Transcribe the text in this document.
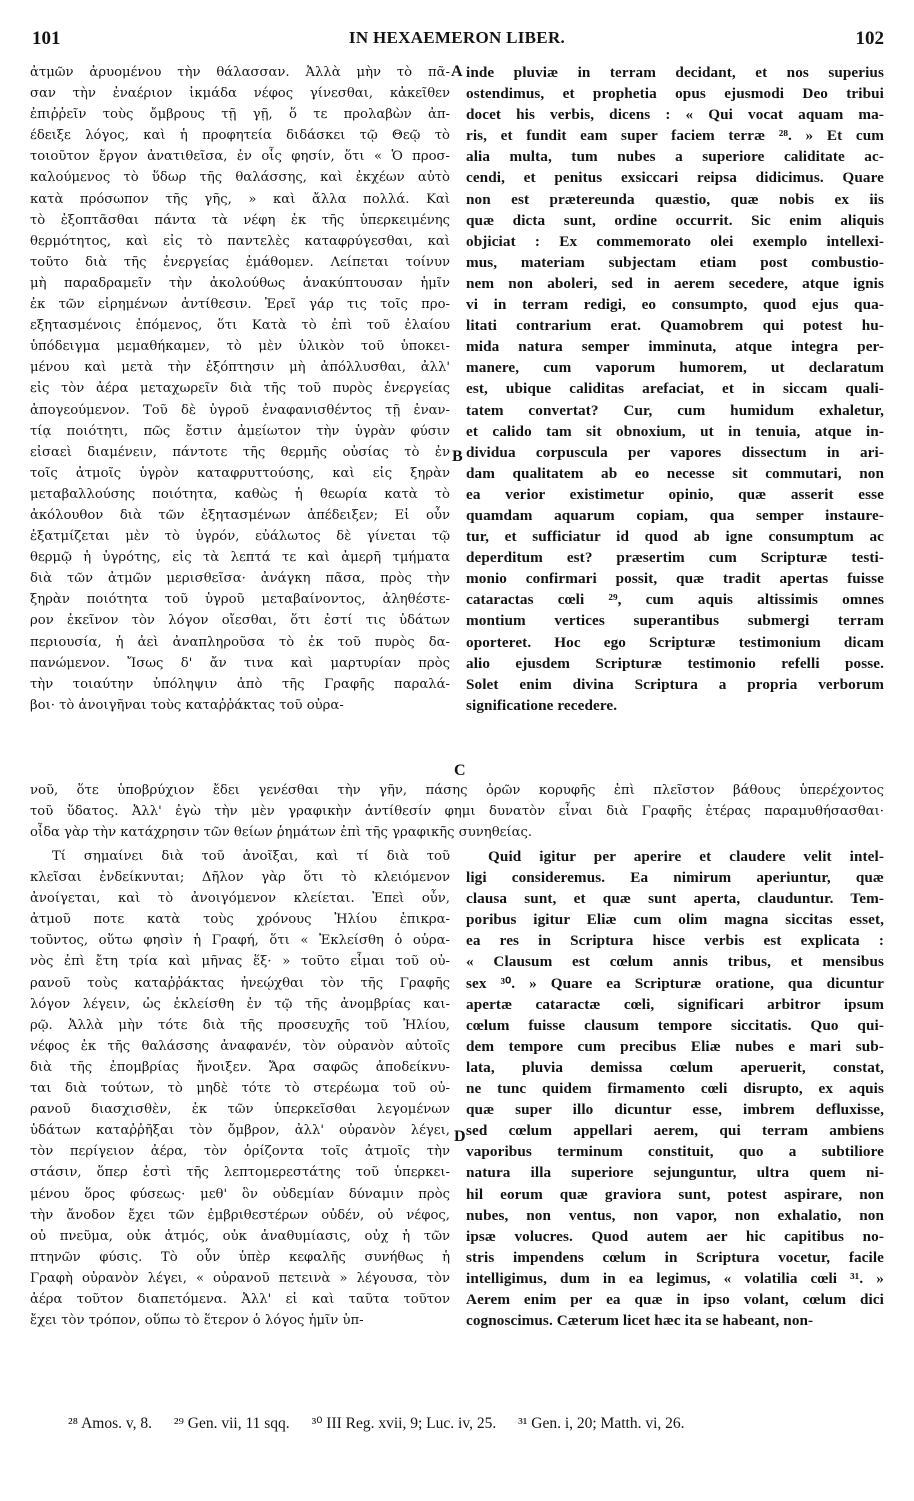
101	IN HEXAEMERON LIBER.	102
ἀτμῶν ἀρυομένου τὴν θάλασσαν. Ἀλλὰ μὴν τὸ πᾶ-
σαν τὴν ἐναέριον ἰκμάδα νέφος γίνεσθαι, κἀκεῖθεν
ἐπιῤῥεῖν τοὺς ὄμβρους τῇ γῇ, ὅ τε προλαβὼν ἀπ-
έδειξε λόγος, καὶ ἡ προφητεία διδάσκει τῷ Θεῷ τὸ
τοιοῦτον ἔργον ἀνατιθεῖσα, ἐν οἷς φησίν, ὅτι « Ὁ προσ-
καλούμενος τὸ ὕδωρ τῆς θαλάσσης, καὶ ἐκχέων αὐτὸ
κατὰ πρόσωπον τῆς γῆς, » καὶ ἄλλα πολλά. Καὶ
τὸ ἐξοπτᾶσθαι πάντα τὰ νέφη ἐκ τῆς ὑπερκειμένης
θερμότητος, καὶ εἰς τὸ παντελὲς καταφρύγεσθαι, καὶ
τοῦτο διὰ τῆς ἐνεργείας ἐμάθομεν. Λείπεται τοίνυν
μὴ παραδραμεῖν τὴν ἀκολούθως ἀνακύπτουσαν ἡμῖν
ἐκ τῶν εἰρημένων ἀντίθεσιν. Ἐρεῖ γάρ τις τοῖς προ-
εξητασμένοις ἑπόμενος, ὅτι Κατὰ τὸ ἐπὶ τοῦ ἐλαίου
ὑπόδειγμα μεμαθήκαμεν, τὸ μὲν ὑλικὸν τοῦ ὑποκει-
μένου καὶ μετὰ τὴν ἐξόπτησιν μὴ ἀπόλλυσθαι, ἀλλ'
εἰς τὸν ἀέρα μεταχωρεῖν διὰ τῆς τοῦ πυρὸς ἐνεργείας
ἀπογεούμενον. Τοῦ δὲ ὑγροῦ ἐναφανισθέντος τῇ ἐναν-
τίᾳ ποιότητι, πῶς ἔστιν ἀμείωτον τὴν ὑγρὰν φύσιν
εἰσαεὶ διαμένειν, πάντοτε τῆς θερμῆς οὐσίας τὸ ἐν
τοῖς ἀτμοῖς ὑγρὸν καταφρυττούσης, καὶ εἰς ξηρὰν
μεταβαλλούσης ποιότητα, καθὼς ἡ θεωρία κατὰ τὸ
ἀκόλουθον διὰ τῶν ἐξητασμένων ἀπέδειξεν; Εἰ οὖν
ἐξατμίζεται μὲν τὸ ὑγρόν, εὐάλωτος δὲ γίνεται τῷ
θερμῷ ἡ ὑγρότης, εἰς τὰ λεπτά τε καὶ ἀμερῆ τμήματα
διὰ τῶν ἀτμῶν μερισθεῖσα· ἀνάγκη πᾶσα, πρὸς τὴν
ξηρὰν ποιότητα τοῦ ὑγροῦ μεταβαίνοντος, ἀληθέστε-
ρον ἐκεῖνον τὸν λόγον οἴεσθαι, ὅτι ἐστί τις ὑδάτων
περιουσία, ἡ ἀεὶ ἀναπληροῦσα τὸ ἐκ τοῦ πυρὸς δα-
πανώμενον. Ἴσως δ' ἄν τινα καὶ μαρτυρίαν πρὸς
τὴν τοιαύτην ὑπόληψιν ἀπὸ τῆς Γραφῆς παραλά-
βοι· τὸ ἀνοιγῆναι τοὺς καταῤῥάκτας τοῦ οὐρα-
inde pluviæ in terram decidant, et nos superius
ostendimus, et prophetia opus ejusmodi Deo tribui
docet his verbis, dicens : « Qui vocat aquam ma-
ris, et fundit eam super faciem terræ ²⁸. » Et cum
alia multa, tum nubes a superiore caliditate ac-
cendi, et penitus exsiccari reipsa didicimus. Quare
non est prætereunda quæstio, quæ nobis ex iis
quæ dicta sunt, ordine occurrit. Sic enim aliquis
objiciat : Ex commemorato olei exemplo intellexi-
mus, materiam subjectam etiam post combustio-
nem non aboleri, sed in aerem secedere, atque ignis
vi in terram redigi, eo consumpto, quod ejus qua-
litati contrarium erat. Quamobrem qui potest hu-
mida natura semper imminuta, atque integra per-
manere, cum vaporum humorem, ut declaratum
est, ubique caliditas arefaciat, et in siccam quali-
tatem convertat? Cur, cum humidum exhaletur,
et calido tam sit obnoxium, ut in tenuia, atque in-
dividua corpuscula per vapores dissectum in ari-
dam qualitatem ab eo necesse sit commutari, non
ea verior existimetur opinio, quæ asserit esse
quamdam aquarum copiam, qua semper instaure-
tur, et sufficiatur id quod ab igne consumptum ac
deperditum est? præsertim cum Scripturæ testi-
monio confirmari possit, quæ tradit apertas fuisse
cataractas cœli ²⁹, cum aquis altissimis omnes
montium vertices superantibus submergi terram
oporteret. Hoc ego Scripturæ testimonium dicam
alio ejusdem Scripturæ testimonio refelli posse.
Solet enim divina Scriptura a propria verborum
significatione recedere.
νοῦ, ὅτε ὑποβρύχιον ἔδει γενέσθαι τὴν γῆν, πάσης ὀρῶν κορυφῆς ἐπὶ πλεῖστον βάθους ὑπερέχοντος
τοῦ ὕδατος. Ἀλλ' ἐγὼ τὴν μὲν γραφικὴν ἀντίθεσίν φημι δυνατὸν εἶναι διὰ Γραφῆς ἑτέρας παραμυθήσασθαι·
οἶδα γὰρ τὴν κατάχρησιν τῶν θείων ῥημάτων ἐπὶ τῆς γραφικῆς συνηθείας.
Τί σημαίνει διὰ τοῦ ἀνοῖξαι, καὶ τί διὰ τοῦ
κλεῖσαι ἐνδείκνυται; Δῆλον γὰρ ὅτι τὸ κλειόμενον
ἀνοίγεται, καὶ τὸ ἀνοιγόμενον κλείεται. Ἐπεὶ οὖν,
ἀτμοῦ ποτε κατὰ τοὺς χρόνους Ἠλίου ἐπικρα-
τοῦντος, οὕτω φησὶν ἡ Γραφή, ὅτι « Ἐκλείσθη ὁ οὐρα-
νὸς ἐπὶ ἔτη τρία καὶ μῆνας ἕξ· » τοῦτο εἶμαι τοῦ οὐ-
ρανοῦ τοὺς καταῤῥάκτας ἠνεῴχθαι τὸν τῆς Γραφῆς
λόγον λέγειν, ὡς ἐκλείσθη ἐν τῷ τῆς ἀνομβρίας και-
ρῷ. Ἀλλὰ μὴν τότε διὰ τῆς προσευχῆς τοῦ Ἠλίου,
νέφος ἐκ τῆς θαλάσσης ἀναφανέν, τὸν οὐρανὸν αὐτοῖς
διὰ τῆς ἐπομβρίας ἤνοιξεν. Ἄρα σαφῶς ἀποδείκνυ-
ται διὰ τούτων, τὸ μηδὲ τότε τὸ στερέωμα τοῦ οὐ-
ρανοῦ διασχισθὲν, ἐκ τῶν ὑπερκεῖσθαι λεγομένων
ὑδάτων καταῤῥῆξαι τὸν ὄμβρον, ἀλλ' οὐρανὸν λέγει,
τὸν περίγειον ἀέρα, τὸν ὁρίζοντα τοῖς ἀτμοῖς τὴν
στάσιν, ὅπερ ἐστὶ τῆς λεπτομερεστάτης τοῦ ὑπερκει-
μένου ὅρος φύσεως· μεθ' ὃν οὐδεμίαν δύναμιν πρὸς
τὴν ἄνοδον ἔχει τῶν ἐμβριθεστέρων οὐδέν, οὐ νέφος,
οὐ πνεῦμα, οὐκ ἀτμός, οὐκ ἀναθυμίασις, οὐχ ἡ τῶν
πτηνῶν φύσις. Τὸ οὖν ὑπὲρ κεφαλῆς συνήθως ἡ
Γραφὴ οὐρανὸν λέγει, « οὐρανοῦ πετεινὰ » λέγουσα, τὸν
ἀέρα τοῦτον διαπετόμενα. Ἀλλ' εἰ καὶ ταῦτα τοῦτον
ἔχει τὸν τρόπον, οὕπω τὸ ἕτερον ὁ λόγος ἡμῖν ὑπ-
Quid igitur per aperire et claudere velit intel-
ligi consideremus. Ea nimirum aperiuntur, quæ
clausa sunt, et quæ sunt aperta, clauduntur. Tem-
poribus igitur Eliæ cum olim magna siccitas esset,
ea res in Scriptura hisce verbis est explicata :
« Clausum est cœlum annis tribus, et mensibus
sex ³⁰. » Quare ea Scripturæ oratione, qua dicuntur
apertæ cataractæ cœli, significari arbitror ipsum
cœlum fuisse clausum tempore siccitatis. Quo qui-
dem tempore cum precibus Eliæ nubes e mari sub-
lata, pluvia demissa cœlum aperuerit, constat,
ne tunc quidem firmamento cœli disrupto, ex aquis
quæ super illo dicuntur esse, imbrem defluxisse,
sed cœlum appellari aerem, qui terram ambiens
vaporibus terminum constituit, quo a subtiliore
natura illa superiore sejunguntur, ultra quem ni-
hil eorum quæ graviora sunt, potest aspirare, non
nubes, non ventus, non vapor, non exhalatio, non
ipsæ volucres. Quod autem aer hic capitibus no-
stris impendens cœlum in Scriptura vocetur, facile
intelligimus, dum in ea legimus, « volatilia cœli ³¹. »
Aerem enim per ea quæ in ipso volant, cœlum dici
cognoscimus. Cæterum licet hæc ita se habeant, non-
A
B
C
D
²⁸ Amos. v, 8. ²⁹ Gen. vii, 11 sqq. ³⁰ III Reg. xvii, 9; Luc. iv, 25. ³¹ Gen. i, 20; Matth. vi, 26.
